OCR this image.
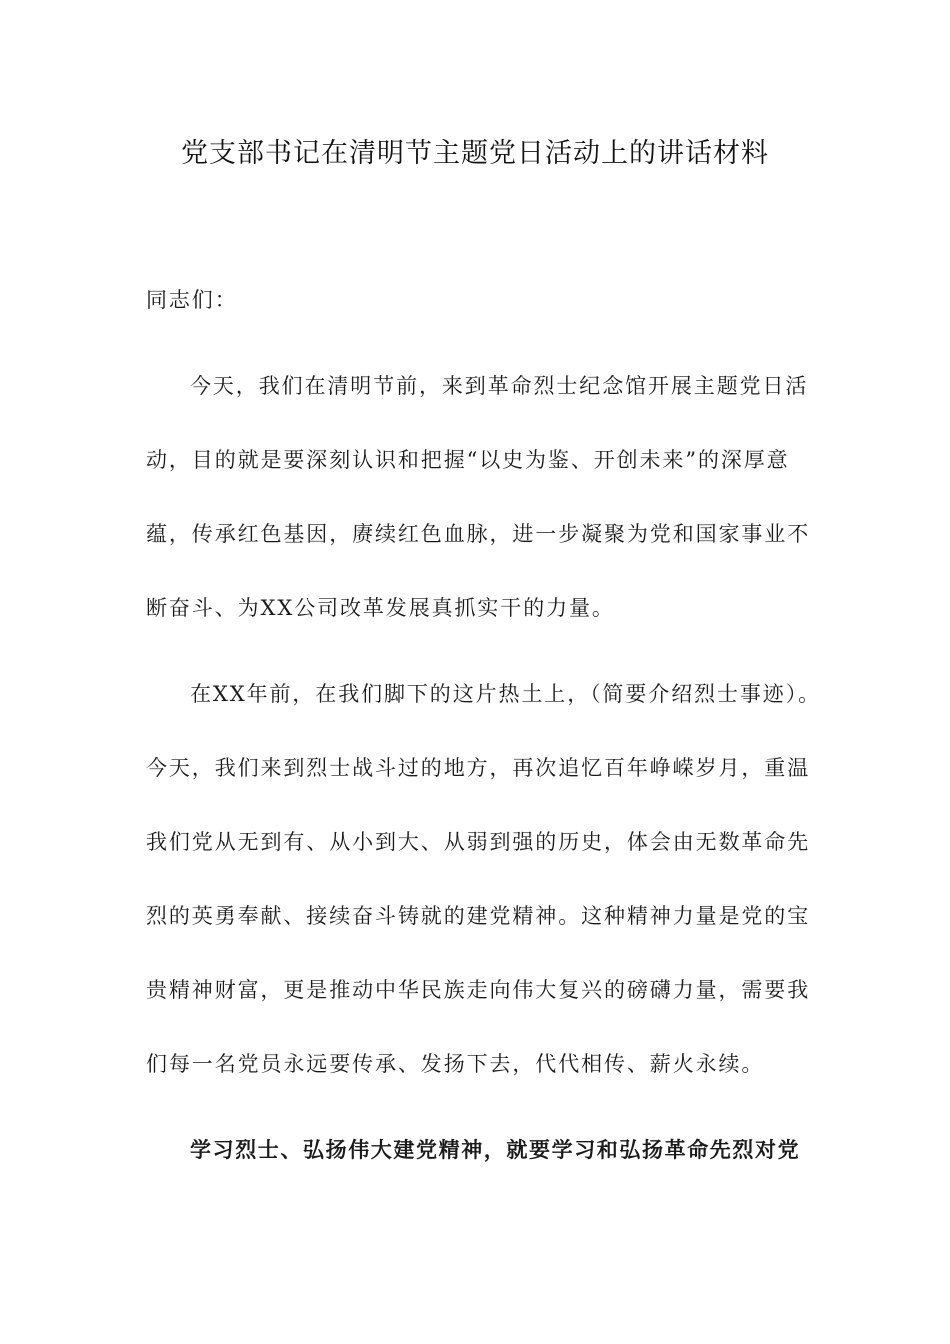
党支部书记在清明节主题党日活动上的讲话材料
同志们：
今天，我们在清明节前，来到革命烈士纪念馆开展主题党日活
动，目的就是要深刻认识和把握“以史为鉴、开创未来”的深厚意
蕴，传承红色基因，赓续红色血脉，进一步凝聚为党和国家事业不
断奋斗、为XX公司改革发展真抓实干的力量。
在XX年前，在我们脚下的这片热土上，（简要介绍烈士事迹）。
今天，我们来到烈士战斗过的地方，再次追忆百年峥嵘岁月，重温
我们党从无到有、从小到大、从弱到强的历史，体会由无数革命先
烈的英勇奉献、接续奋斗铸就的建党精神。这种精神力量是党的宝
贵精神财富，更是推动中华民族走向伟大复兴的磅礴力量，需要我
们每一名党员永远要传承、发扬下去，代代相传、薪火永续。
学习烈士、弘扬伟大建党精神，就要学习和弘扬革命先烈对党
